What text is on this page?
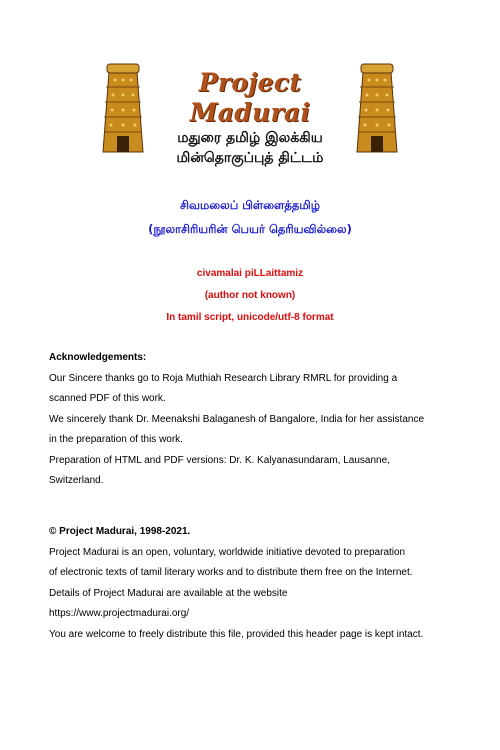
Project Madurai
மதுரை தமிழ் இலக்கிய
மின்தொகுப்புத் திட்டம்
சிவமலைப் பிள்ளைத்தமிழ்
(நூலாசிரியரின் பெயர் தெரியவில்லை)
civamalai piLLaittamiz
(author not known)
In tamil script, unicode/utf-8 format

Acknowledgements:

Our Sincere thanks go to Roja Muthiah Research Library RMRL for providing a

scanned PDF of this work.

We sincerely thank Dr. Meenakshi Balaganesh of Bangalore, India for her assistance

in the preparation of this work.

Preparation of HTML and PDF versions: Dr. K. Kalyanasundaram, Lausanne,

Switzerland.

© Project Madurai, 1998-2021.

Project Madurai is an open, voluntary, worldwide initiative devoted to preparation

of electronic texts of tamil literary works and to distribute them free on the Internet.

Details of Project Madurai are available at the website

https://www.projectmadurai.org/

You are welcome to freely distribute this file, provided this header page is kept intact.
